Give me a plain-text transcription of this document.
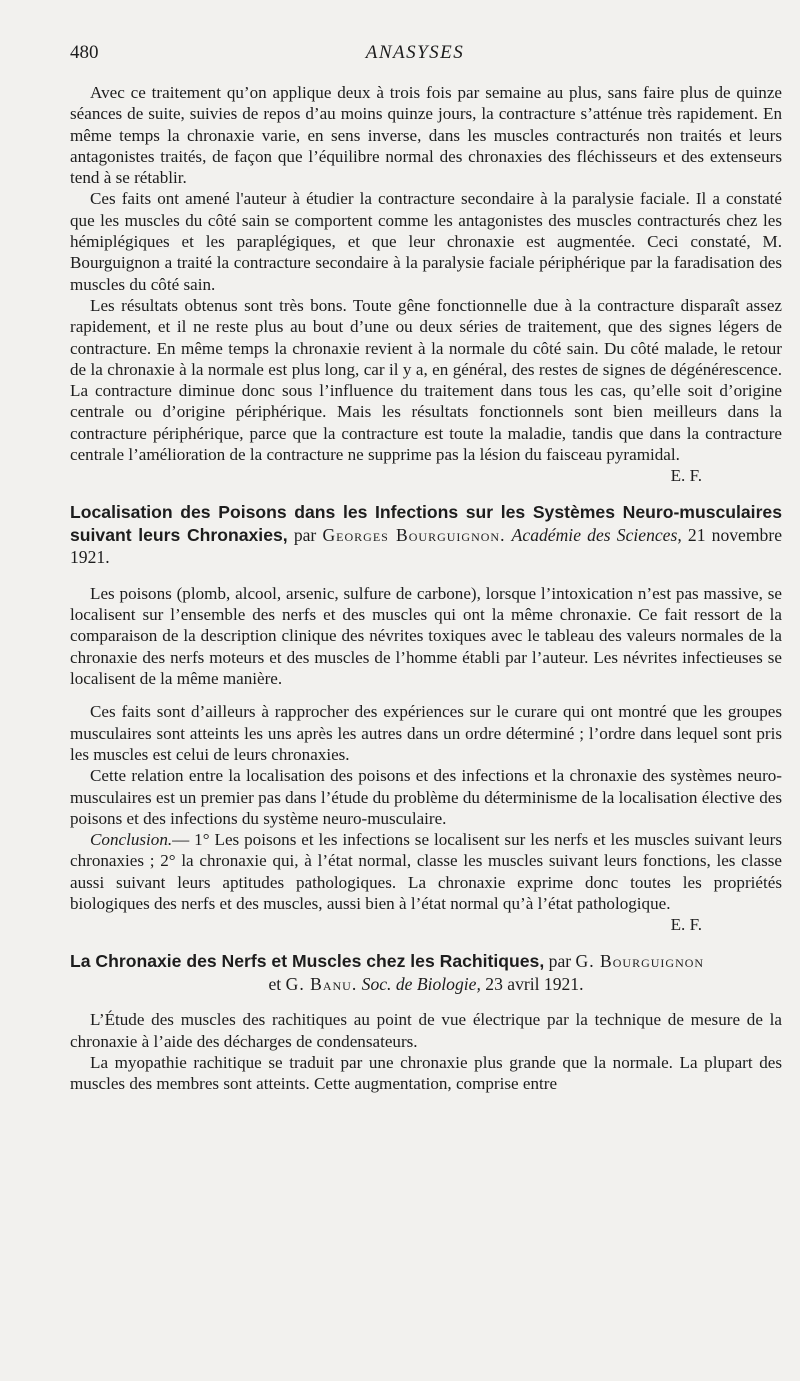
480	ANASYSES

Avec ce traitement qu’on applique deux à trois fois par semaine au plus, sans faire plus de quinze séances de suite, suivies de repos d’au moins quinze jours, la contracture s’atténue très rapidement. En même temps la chronaxie varie, en sens inverse, dans les muscles contracturés non traités et leurs antagonistes traités, de façon que l’équilibre normal des chronaxies des fléchisseurs et des extenseurs tend à se rétablir.

Ces faits ont amené l'auteur à étudier la contracture secondaire à la paralysie faciale. Il a constaté que les muscles du côté sain se comportent comme les antagonistes des muscles contracturés chez les hémiplégiques et les paraplégiques, et que leur chronaxie est augmentée. Ceci constaté, M. Bourguignon a traité la contracture secondaire à la paralysie faciale périphérique par la faradisation des muscles du côté sain.

Les résultats obtenus sont très bons. Toute gêne fonctionnelle due à la contracture disparaît assez rapidement, et il ne reste plus au bout d’une ou deux séries de traitement, que des signes légers de contracture. En même temps la chronaxie revient à la normale du côté sain. Du côté malade, le retour de la chronaxie à la normale est plus long, car il y a, en général, des restes de signes de dégénérescence. La contracture diminue donc sous l’influence du traitement dans tous les cas, qu’elle soit d’origine centrale ou d’origine périphérique. Mais les résultats fonctionnels sont bien meilleurs dans la contracture périphérique, parce que la contracture est toute la maladie, tandis que dans la contracture centrale l’amélioration de la contracture ne supprime pas la lésion du faisceau pyramidal.
E. F.

Localisation des Poisons dans les Infections sur les Systèmes Neuro-musculaires suivant leurs Chronaxies, par Georges Bourguignon. Académie des Sciences, 21 novembre 1921.

Les poisons (plomb, alcool, arsenic, sulfure de carbone), lorsque l’intoxication n’est pas massive, se localisent sur l’ensemble des nerfs et des muscles qui ont la même chronaxie. Ce fait ressort de la comparaison de la description clinique des névrites toxiques avec le tableau des valeurs normales de la chronaxie des nerfs moteurs et des muscles de l’homme établi par l’auteur. Les névrites infectieuses se localisent de la même manière.

Ces faits sont d’ailleurs à rapprocher des expériences sur le curare qui ont montré que les groupes musculaires sont atteints les uns après les autres dans un ordre déterminé ; l’ordre dans lequel sont pris les muscles est celui de leurs chronaxies.

Cette relation entre la localisation des poisons et des infections et la chronaxie des systèmes neuro-musculaires est un premier pas dans l’étude du problème du déterminisme de la localisation élective des poisons et des infections du système neuro-musculaire.

Conclusion.— 1° Les poisons et les infections se localisent sur les nerfs et les muscles suivant leurs chronaxies ; 2° la chronaxie qui, à l’état normal, classe les muscles suivant leurs fonctions, les classe aussi suivant leurs aptitudes pathologiques. La chronaxie exprime donc toutes les propriétés biologiques des nerfs et des muscles, aussi bien à l’état normal qu’à l’état pathologique.
E. F.

La Chronaxie des Nerfs et Muscles chez les Rachitiques, par G. Bourguignon
et G. Banu. Soc. de Biologie, 23 avril 1921.

L’Étude des muscles des rachitiques au point de vue électrique par la technique de mesure de la chronaxie à l’aide des décharges de condensateurs.

La myopathie rachitique se traduit par une chronaxie plus grande que la normale. La plupart des muscles des membres sont atteints. Cette augmentation, comprise entre
